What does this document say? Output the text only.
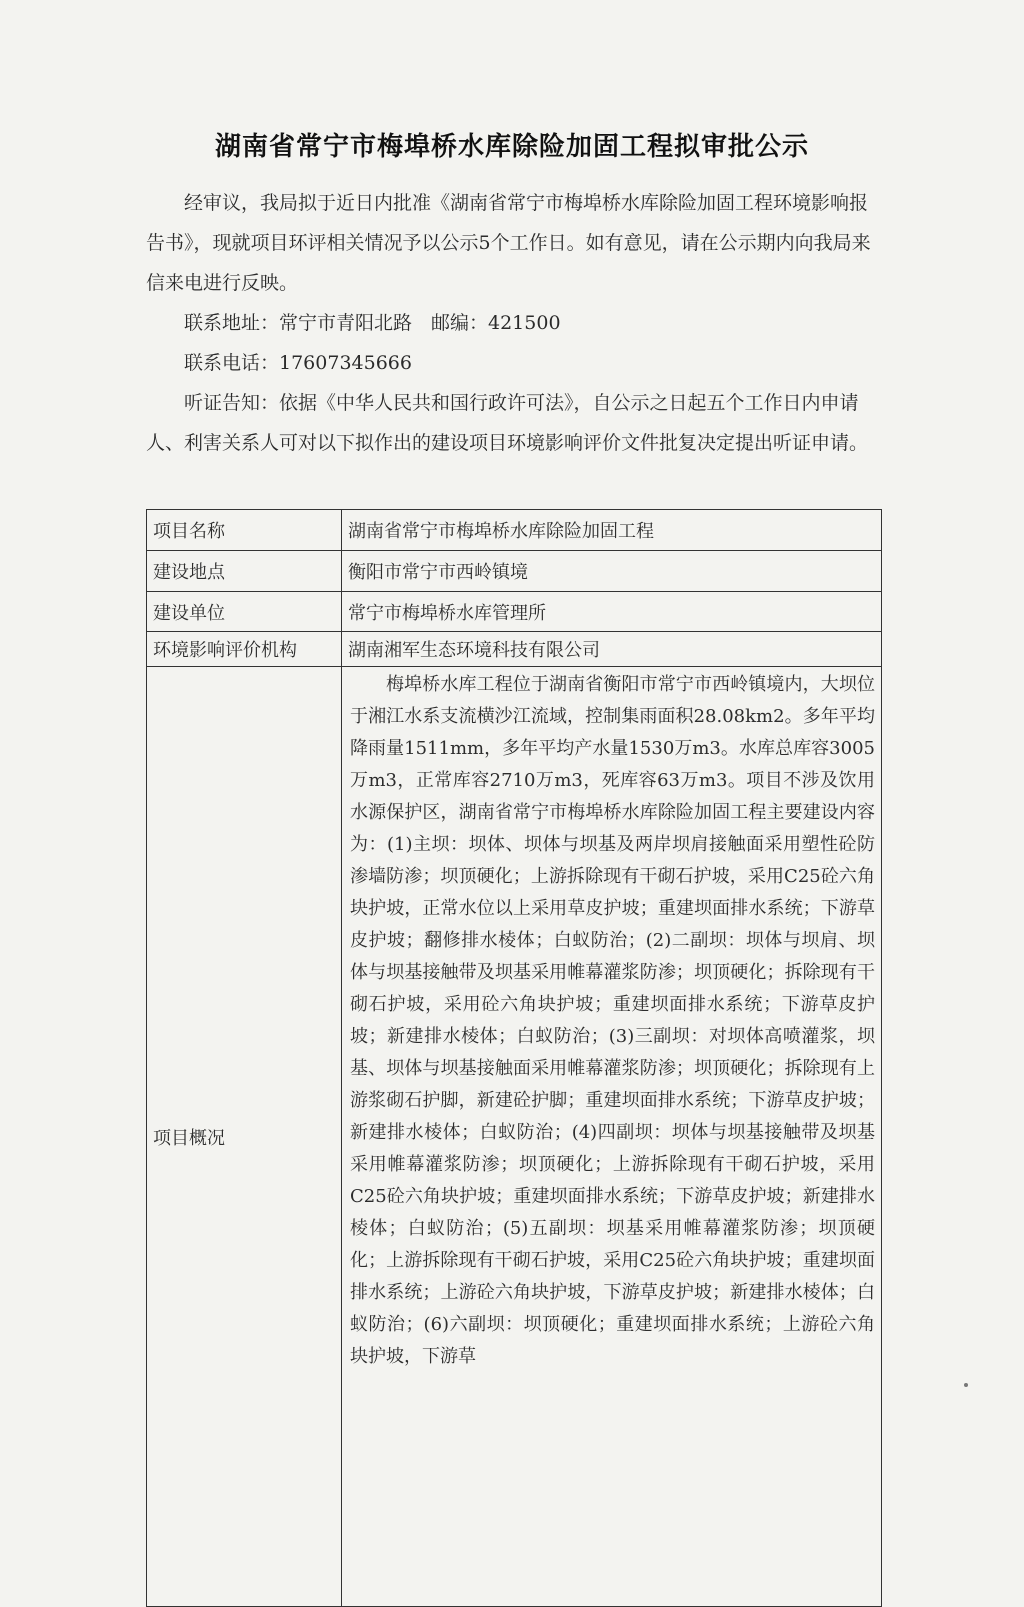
湖南省常宁市梅埠桥水库除险加固工程拟审批公示

经审议，我局拟于近日内批准《湖南省常宁市梅埠桥水库除险加固工程环境影响报告书》，现就项目环评相关情况予以公示5个工作日。如有意见，请在公示期内向我局来信来电进行反映。

联系地址：常宁市青阳北路　邮编：421500

联系电话：17607345666

听证告知：依据《中华人民共和国行政许可法》，自公示之日起五个工作日内申请人、利害关系人可对以下拟作出的建设项目环境影响评价文件批复决定提出听证申请。

项目名称	湖南省常宁市梅埠桥水库除险加固工程
建设地点	衡阳市常宁市西岭镇境
建设单位	常宁市梅埠桥水库管理所
环境影响评价机构	湖南湘军生态环境科技有限公司
项目概况	梅埠桥水库工程位于湖南省衡阳市常宁市西岭镇境内，大坝位于湘江水系支流横沙江流域，控制集雨面积28.08km2。多年平均降雨量1511mm，多年平均产水量1530万m3。水库总库容3005万m3，正常库容2710万m3，死库容63万m3。项目不涉及饮用水源保护区，湖南省常宁市梅埠桥水库除险加固工程主要建设内容为：(1)主坝：坝体、坝体与坝基及两岸坝肩接触面采用塑性砼防渗墙防渗；坝顶硬化；上游拆除现有干砌石护坡，采用C25砼六角块护坡，正常水位以上采用草皮护坡；重建坝面排水系统；下游草皮护坡；翻修排水棱体；白蚁防治；(2)二副坝：坝体与坝肩、坝体与坝基接触带及坝基采用帷幕灌浆防渗；坝顶硬化；拆除现有干砌石护坡，采用砼六角块护坡；重建坝面排水系统；下游草皮护坡；新建排水棱体；白蚁防治；(3)三副坝：对坝体高喷灌浆，坝基、坝体与坝基接触面采用帷幕灌浆防渗；坝顶硬化；拆除现有上游浆砌石护脚，新建砼护脚；重建坝面排水系统；下游草皮护坡；新建排水棱体；白蚁防治；(4)四副坝：坝体与坝基接触带及坝基采用帷幕灌浆防渗；坝顶硬化；上游拆除现有干砌石护坡，采用C25砼六角块护坡；重建坝面排水系统；下游草皮护坡；新建排水棱体；白蚁防治；(5)五副坝：坝基采用帷幕灌浆防渗；坝顶硬化；上游拆除现有干砌石护坡，采用C25砼六角块护坡；重建坝面排水系统；上游砼六角块护坡，下游草皮护坡；新建排水棱体；白蚁防治；(6)六副坝：坝顶硬化；重建坝面排水系统；上游砼六角块护坡，下游草
